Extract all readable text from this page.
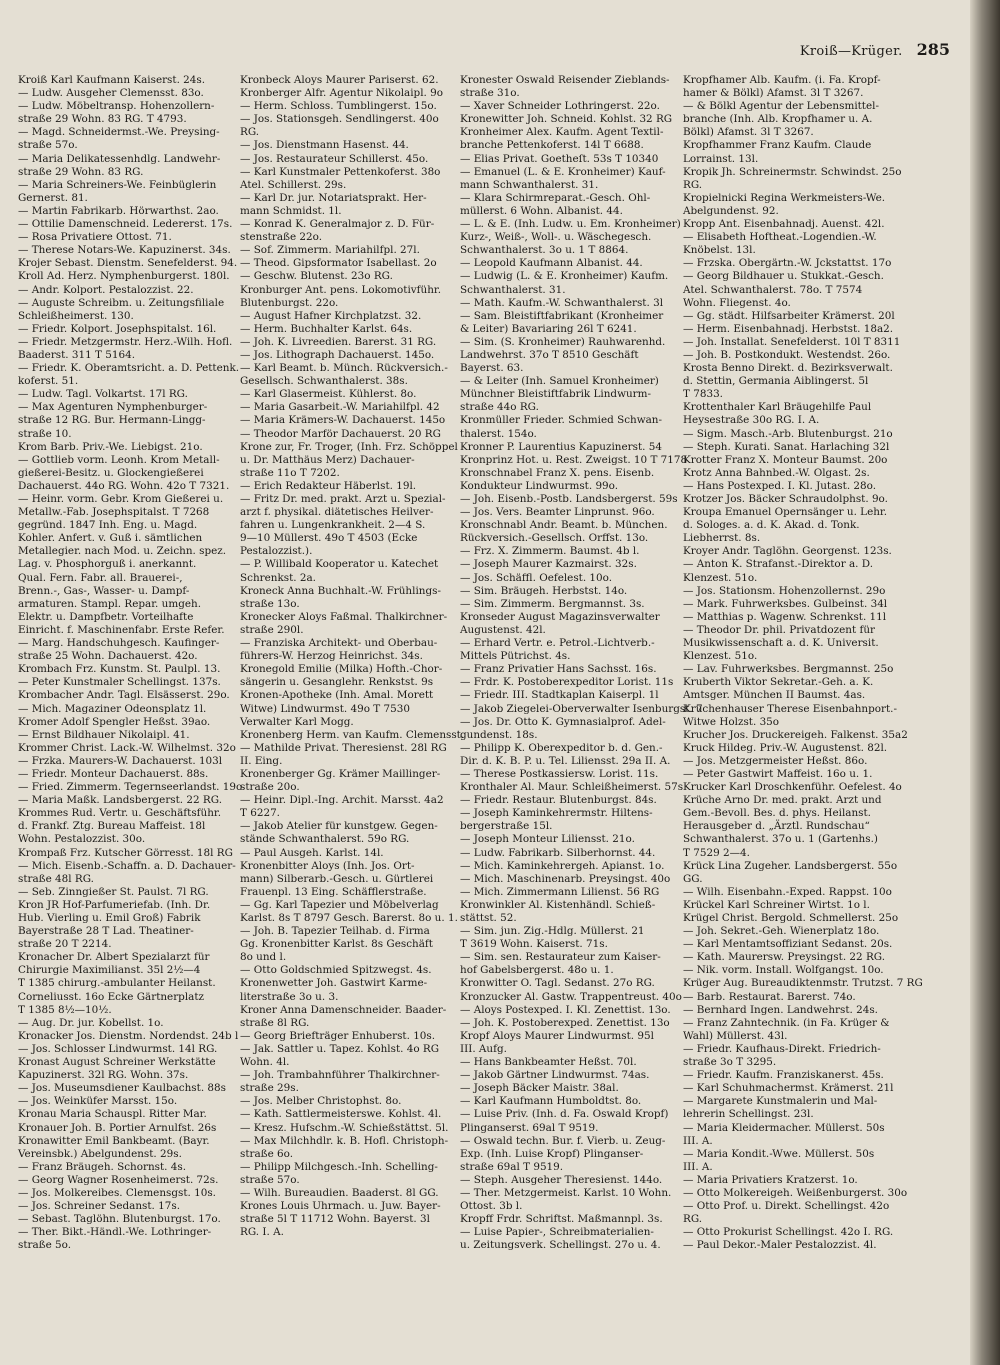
Kroiß—Krüger. 285
Kroiß Karl Kaufmann Kaiserst. 24s.
— Ludw. Ausgeher Clemensst. 83o.
— Ludw. Möbeltransp. Hohenzollern-
straße 29 Wohn. 83 RG. T 4793.
— Magd. Schneidermst.-We. Preysing-
straße 57o.
— Maria Delikatessenhdlg. Landwehr-
straße 29 Wohn. 83 RG.
— Maria Schreiners-We. Feinbüglerin
Gernerst. 81.
— Martin Fabrikarb. Hörwarthst. 2ao.
— Ottilie Damenschneid. Ledererst. 17s.
— Rosa Privatiere Ottost. 71.
— Therese Notars-We. Kapuzinerst. 34s.
Krojer Sebast. Dienstm. Senefelderst. 94.
Kroll Ad. Herz. Nymphenburgerst. 180l.
— Andr. Kolport. Pestalozzist. 22.
— Auguste Schreibm. u. Zeitungsfiliale
Schleißheimerst. 130.
— Friedr. Kolport. Josephspitalst. 16l.
— Friedr. Metzgermstr. Herz.-Wilh. Hofl.
Baaderst. 311 T 5164.
— Friedr. K. Oberamtsricht. a. D. Pettenk.
koferst. 51.
— Ludw. Tagl. Volkartst. 17l RG.
— Max Agenturen Nymphenburger-
straße 12 RG. Bur. Hermann-Lingg-
straße 10.
Krom Barb. Priv.-We. Liebigst. 21o.
— Gottlieb vorm. Leonh. Krom Metall-
gießerei-Besitz. u. Glockengießerei
Dachauerst. 44o RG. Wohn. 42o T 7321.
— Heinr. vorm. Gebr. Krom Gießerei u.
Metallw.-Fab. Josephspitalst. T 7268
gegründ. 1847 Inh. Eng. u. Magd.
Kohler. Anfert. v. Guß i. sämtlichen
Metallegier. nach Mod. u. Zeichn. spez.
Lag. v. Phosphorguß i. anerkannt.
Qual. Fern. Fabr. all. Brauerei-,
Brenn.-, Gas-, Wasser- u. Dampf-
armaturen. Stampl. Repar. umgeh.
Elektr. u. Dampfbetr. Vorteilhafte
Einricht. f. Maschinenfabr. Erste Refer.
— Marg. Handschuhgesch. Kaufinger-
straße 25 Wohn. Dachauerst. 42o.
Krombach Frz. Kunstm. St. Paulpl. 13.
— Peter Kunstmaler Schellingst. 137s.
Krombacher Andr. Tagl. Elsässerst. 29o.
— Mich. Magaziner Odeonsplatz 1l.
Kromer Adolf Spengler Heßst. 39ao.
— Ernst Bildhauer Nikolaipl. 41.
Krommer Christ. Lack.-W. Wilhelmst. 32o
— Frzka. Maurers-W. Dachauerst. 103l
— Friedr. Monteur Dachauerst. 88s.
— Fried. Zimmerm. Tegernseerlandst. 19o
— Maria Maßk. Landsbergerst. 22 RG.
Krommes Rud. Vertr. u. Geschäftsführ.
d. Frankf. Ztg. Bureau Maffeist. 18l
Wohn. Pestalozzist. 30o.
Krompaß Frz. Kutscher Görresst. 18l RG
— Mich. Eisenb.-Schaffn. a. D. Dachauer-
straße 48l RG.
— Seb. Zinngießer St. Paulst. 7l RG.
Kron JR Hof-Parfumeriefab. (Inh. Dr.
Hub. Vierling u. Emil Groß) Fabrik
Bayerstraße 28 T Lad. Theatiner-
straße 20 T 2214.
Kronacher Dr. Albert Spezialarzt für
Chirurgie Maximilianst. 35l 2½—4
T 1385 chirurg.-ambulanter Heilanst.
Corneliusst. 16o Ecke Gärtnerplatz
T 1385 8½—10½.
— Aug. Dr. jur. Kobellst. 1o.
Kronacker Jos. Dienstm. Nordendst. 24b l
— Jos. Schlosser Lindwurmst. 14l RG.
Kronast August Schreiner Werkstätte
Kapuzinerst. 32l RG. Wohn. 37s.
— Jos. Museumsdiener Kaulbachst. 88s
— Jos. Weinküfer Marsst. 15o.
Kronau Maria Schauspl. Ritter Mar.
Kronauer Joh. B. Portier Arnulfst. 26s
Kronawitter Emil Bankbeamt. (Bayr.
Vereinsbk.) Abelgundenst. 29s.
— Franz Bräugeh. Schornst. 4s.
— Georg Wagner Rosenheimerst. 72s.
— Jos. Molkereibes. Clemensgst. 10s.
— Jos. Schreiner Sedanst. 17s.
— Sebast. Taglöhn. Blutenburgst. 17o.
— Ther. Bikt.-Händl.-We. Lothringer-
straße 5o.
Kronbeck Aloys Maurer Pariserst. 62.
Kronberger Alfr. Agentur Nikolaipl. 9o
— Herm. Schloss. Tumblingerst. 15o.
— Jos. Stationsgeh. Sendlingerst. 40o
RG.
— Jos. Dienstmann Hasenst. 44.
— Jos. Restaurateur Schillerst. 45o.
— Karl Kunstmaler Pettenkoferst. 38o
Atel. Schillerst. 29s.
— Karl Dr. jur. Notariatsprakt. Her-
mann Schmidst. 1l.
— Konrad K. Generalmajor z. D. Für-
stenstraße 22o.
— Sof. Zimmerm. Mariahilfpl. 27l.
— Theod. Gipsformator Isabellast. 2o
— Geschw. Blutenst. 23o RG.
Kronburger Ant. pens. Lokomotivführ.
Blutenburgst. 22o.
— August Hafner Kirchplatzst. 32.
— Herm. Buchhalter Karlst. 64s.
— Joh. K. Livreedien. Barerst. 31 RG.
— Jos. Lithograph Dachauerst. 145o.
— Karl Beamt. b. Münch. Rückversich.-
Gesellsch. Schwanthalerst. 38s.
— Karl Glasermeist. Kühlerst. 8o.
— Maria Gasarbeit.-W. Mariahilfpl. 42
— Maria Krämers-W. Dachauerst. 145o
— Theodor Marför Dachauerst. 20 RG
Krone zur, Fr. Troger, (Inh. Frz. Schöppel
u. Dr. Matthäus Merz) Dachauer-
straße 11o T 7202.
— Erich Redakteur Häberlst. 19l.
— Fritz Dr. med. prakt. Arzt u. Spezial-
arzt f. physikal. diätetisches Heilver-
fahren u. Lungenkrankheit. 2—4 S.
9—10 Müllerst. 49o T 4503 (Ecke
Pestalozzist.).
— P. Willibald Kooperator u. Katechet
Schrenkst. 2a.
Kroneck Anna Buchhalt.-W. Frühlings-
straße 13o.
Kronecker Aloys Faßmal. Thalkirchner-
straße 290l.
— Franziska Architekt- und Oberbau-
führers-W. Herzog Heinrichst. 34s.
Kronegold Emilie (Milka) Hofth.-Chor-
sängerin u. Gesanglehr. Renkstst. 9s
Kronen-Apotheke (Inh. Amal. Morett
Witwe) Lindwurmst. 49o T 7530
Verwalter Karl Mogg.
Kronenberg Herm. van Kaufm. Clemensst.
— Mathilde Privat. Theresienst. 28l RG
II. Eing.
Kronenberger Gg. Krämer Maillinger-
straße 20o.
— Heinr. Dipl.-Ing. Archit. Marsst. 4a2
T 6227.
— Jakob Atelier für kunstgew. Gegen-
stände Schwanthalerst. 59o RG.
— Paul Ausgeh. Karlst. 14l.
Kronenbitter Aloys (Inh. Jos. Ort-
mann) Silberarb.-Gesch. u. Gürtlerei
Frauenpl. 13 Eing. Schäfflerstraße.
— Gg. Karl Tapezier und Möbelverlag
Karlst. 8s T 8797 Gesch. Barerst. 8o u. 1.
— Joh. B. Tapezier Teilhab. d. Firma
Gg. Kronenbitter Karlst. 8s Geschäft
8o und l.
— Otto Goldschmied Spitzwegst. 4s.
Kronenwetter Joh. Gastwirt Karme-
literstraße 3o u. 3.
Kroner Anna Damenschneider. Baader-
straße 8l RG.
— Georg Briefträger Enhuberst. 10s.
— Jak. Sattler u. Tapez. Kohlst. 4o RG
Wohn. 4l.
— Joh. Trambahnführer Thalkirchner-
straße 29s.
— Jos. Melber Christophst. 8o.
— Kath. Sattlermeisterswe. Kohlst. 4l.
— Kresz. Hufschm.-W. Schießstättst. 5l.
— Max Milchhdlr. k. B. Hofl. Christoph-
straße 6o.
— Philipp Milchgesch.-Inh. Schelling-
straße 57o.
— Wilh. Bureaudien. Baaderst. 8l GG.
Krones Louis Uhrmach. u. Juw. Bayer-
straße 5l T 11712 Wohn. Bayerst. 3l
RG. I. A.
Kronester Oswald Reisender Zieblands-
straße 31o.
— Xaver Schneider Lothringerst. 22o.
Kronewitter Joh. Schneid. Kohlst. 32 RG
Kronheimer Alex. Kaufm. Agent Textil-
branche Pettenkoferst. 14l T 6688.
— Elias Privat. Goetheſt. 53s T 10340
— Emanuel (L. & E. Kronheimer) Kauf-
mann Schwanthalerst. 31.
— Klara Schirmreparat.-Gesch. Ohl-
müllerst. 6 Wohn. Albanist. 44.
— L. & E. (Inh. Ludw. u. Em. Kronheimer)
Kurz-, Weiß-, Woll-. u. Wäschegesch.
Schwanthalerst. 3o u. 1 T 8864.
— Leopold Kaufmann Albanist. 44.
— Ludwig (L. & E. Kronheimer) Kaufm.
Schwanthalerst. 31.
— Math. Kaufm.-W. Schwanthalerst. 3l
— Sam. Bleistiftfabrikant (Kronheimer
& Leiter) Bavariaring 26l T 6241.
— Sim. (S. Kronheimer) Rauhwarenhd.
Landwehrst. 37o T 8510 Geschäft
Bayerst. 63.
— & Leiter (Inh. Samuel Kronheimer)
Münchner Bleistiftfabrik Lindwurm-
straße 44o RG.
Kronmüller Frieder. Schmied Schwan-
thalerst. 154o.
Kronner P. Laurentius Kapuzinerst. 54
Kronprinz Hot. u. Rest. Zweigst. 10 T 7178
Kronschnabel Franz X. pens. Eisenb.
Kondukteur Lindwurmst. 99o.
— Joh. Eisenb.-Postb. Landsbergerst. 59s
— Jos. Vers. Beamter Linprunst. 96o.
Kronschnabl Andr. Beamt. b. München.
Rückversich.-Gesellsch. Orffst. 13o.
— Frz. X. Zimmerm. Baumst. 4b l.
— Joseph Maurer Kazmairst. 32s.
— Jos. Schäffl. Oefelest. 10o.
— Sim. Bräugeh. Herbstst. 14o.
— Sim. Zimmerm. Bergmannst. 3s.
Kronseder August Magazinsverwalter
Augustenst. 42l.
— Erhard Vertr. e. Petrol.-Lichtverb.-
Mittels Pütrichst. 4s.
— Franz Privatier Hans Sachsst. 16s.
— Frdr. K. Postoberexpeditor Lorist. 11s
— Friedr. III. Stadtkaplan Kaiserpl. 1l
— Jakob Ziegelei-Oberverwalter Isenburgst. 7
— Jos. Dr. Otto K. Gymnasialprof. Adel-
gundenst. 18s.
— Philipp K. Oberexpeditor b. d. Gen.-
Dir. d. K. B. P. u. Tel. Liliensst. 29a II. A.
— Therese Postkassiersw. Lorist. 11s.
Kronthaler Al. Maur. Schleißheimerst. 57s
— Friedr. Restaur. Blutenburgst. 84s.
— Joseph Kaminkehrermstr. Hiltens-
bergerstraße 15l.
— Joseph Monteur Liliensst. 21o.
— Ludw. Fabrikarb. Silberhornst. 44.
— Mich. Kaminkehrergeh. Apianst. 1o.
— Mich. Maschinenarb. Preysingst. 40o
— Mich. Zimmermann Lilienst. 56 RG
Kronwinkler Al. Kistenhändl. Schieß-
stättst. 52.
— Sim. jun. Zig.-Hdlg. Müllerst. 21
T 3619 Wohn. Kaiserst. 71s.
— Sim. sen. Restaurateur zum Kaiser-
hof Gabelsbergerst. 48o u. 1.
Kronwitter O. Tagl. Sedanst. 27o RG.
Kronzucker Al. Gastw. Trappentreust. 40o
— Aloys Postexped. I. Kl. Zenettist. 13o.
— Joh. K. Postoberexped. Zenettist. 13o
Kropf Aloys Maurer Lindwurmst. 95l
III. Aufg.
— Hans Bankbeamter Heßst. 70l.
— Jakob Gärtner Lindwurmst. 74as.
— Joseph Bäcker Maistr. 38al.
— Karl Kaufmann Humboldtst. 8o.
— Luise Priv. (Inh. d. Fa. Oswald Kropf)
Plinganserst. 69al T 9519.
— Oswald techn. Bur. f. Vierb. u. Zeug-
Exp. (Inh. Luise Kropf) Plinganser-
straße 69al T 9519.
— Steph. Ausgeher Theresienst. 144o.
— Ther. Metzgermeist. Karlst. 10 Wohn.
Ottost. 3b l.
Kropff Frdr. Schriftst. Maßmannpl. 3s.
— Luise Papier-, Schreibmaterialien-
u. Zeitungsverk. Schellingst. 27o u. 4.
Kropfhamer Alb. Kaufm. (i. Fa. Kropf-
hamer & Bölkl) Afamst. 3l T 3267.
— & Bölkl Agentur der Lebensmittel-
branche (Inh. Alb. Kropfhamer u. A.
Bölkl) Afamst. 3l T 3267.
Kropfhammer Franz Kaufm. Claude
Lorrainst. 13l.
Kropik Jh. Schreinermstr. Schwindst. 25o
RG.
Kropielnicki Regina Werkmeisters-We.
Abelgundenst. 92.
Kropp Ant. Eisenbahnadj. Auenst. 42l.
— Elisabeth Hoftheat.-Logendien.-W.
Knöbelst. 13l.
— Frzska. Obergärtn.-W. Jckstattst. 17o
— Georg Bildhauer u. Stukkat.-Gesch.
Atel. Schwanthalerst. 78o. T 7574
Wohn. Fliegenst. 4o.
— Gg. städt. Hilfsarbeiter Krämerst. 20l
— Herm. Eisenbahnadj. Herbstst. 18a2.
— Joh. Installat. Senefelderst. 10l T 8311
— Joh. B. Postkondukt. Westendst. 26o.
Krosta Benno Direkt. d. Bezirksverwalt.
d. Stettin, Germania Aiblingerst. 5l
T 7833.
Krottenthaler Karl Bräugehilfe Paul
Heysestraße 30o RG. I. A.
— Sigm. Masch.-Arb. Blutenburgst. 21o
— Steph. Kurati. Sanat. Harlaching 32l
Krotter Franz X. Monteur Baumst. 20o
Krotz Anna Bahnbed.-W. Olgast. 2s.
— Hans Postexped. I. Kl. Jutast. 28o.
Krotzer Jos. Bäcker Schraudolphst. 9o.
Kroupa Emanuel Opernsänger u. Lehr.
d. Sologes. a. d. K. Akad. d. Tonk.
Liebherrst. 8s.
Kroyer Andr. Taglöhn. Georgenst. 123s.
— Anton K. Strafanst.-Direktor a. D.
Klenzest. 51o.
— Jos. Stationsm. Hohenzollernst. 29o
— Mark. Fuhrwerksbes. Gulbeinst. 34l
— Matthias p. Wagenw. Schrenkst. 11l
— Theodor Dr. phil. Privatdozent für
Musikwissenschaft a. d. K. Universit.
Klenzest. 51o.
— Lav. Fuhrwerksbes. Bergmannst. 25o
Kruberth Viktor Sekretar.-Geh. a. K.
Amtsger. München II Baumst. 4as.
Kruchenhauser Therese Eisenbahnport.-
Witwe Holzst. 35o
Krucher Jos. Druckereigeh. Falkenst. 35a2
Kruck Hildeg. Priv.-W. Augustenst. 82l.
— Jos. Metzgermeister Heßst. 86o.
— Peter Gastwirt Maffeist. 16o u. 1.
Krucker Karl Droschkenführ. Oefelest. 4o
Krüche Arno Dr. med. prakt. Arzt und
Gem.-Bevoll. Bes. d. phys. Heilanst.
Herausgeber d. „Ärztl. Rundschau“
Schwanthalerst. 37o u. 1 (Gartenhs.)
T 7529 2—4.
Krück Lina Zugeher. Landsbergerst. 55o
GG.
— Wilh. Eisenbahn.-Exped. Rappst. 10o
Krückel Karl Schreiner Wirtst. 1o l.
Krügel Christ. Bergold. Schmellerst. 25o
— Joh. Sekret.-Geh. Wienerplatz 18o.
— Karl Mentamtsoffiziant Sedanst. 20s.
— Kath. Maurersw. Preysingst. 22 RG.
— Nik. vorm. Install. Wolfgangst. 10o.
Krüger Aug. Bureaudiktenmstr. Trutzst. 7 RG
— Barb. Restaurat. Barerst. 74o.
— Bernhard Ingen. Landwehrst. 24s.
— Franz Zahntechnik. (in Fa. Krüger &
Wahl) Müllerst. 43l.
— Friedr. Kaufhaus-Direkt. Friedrich-
straße 3o T 3295.
— Friedr. Kaufm. Franziskanerst. 45s.
— Karl Schuhmachermst. Krämerst. 21l
— Margarete Kunstmalerin und Mal-
lehrerin Schellingst. 23l.
— Maria Kleidermacher. Müllerst. 50s
III. A.
— Maria Kondit.-Wwe. Müllerst. 50s
III. A.
— Maria Privatiers Kratzerst. 1o.
— Otto Molkereigeh. Weißenburgerst. 30o
— Otto Prof. u. Direkt. Schellingst. 42o
RG.
— Otto Prokurist Schellingst. 42o I. RG.
— Paul Dekor.-Maler Pestalozzist. 4l.
